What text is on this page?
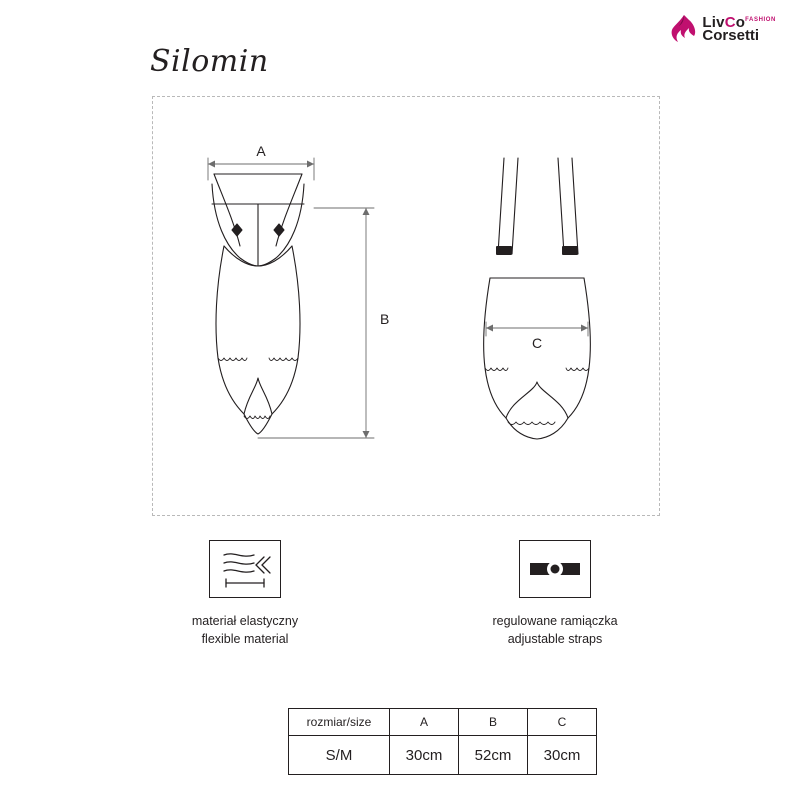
LivCo$^{FASHION}$
Corsetti
Silomin
A
B
C
materiał elastyczny
flexible material
regulowane ramiączka
adjustable straps
rozmiar/size	A	B	C
S/M	30cm	52cm	30cm
